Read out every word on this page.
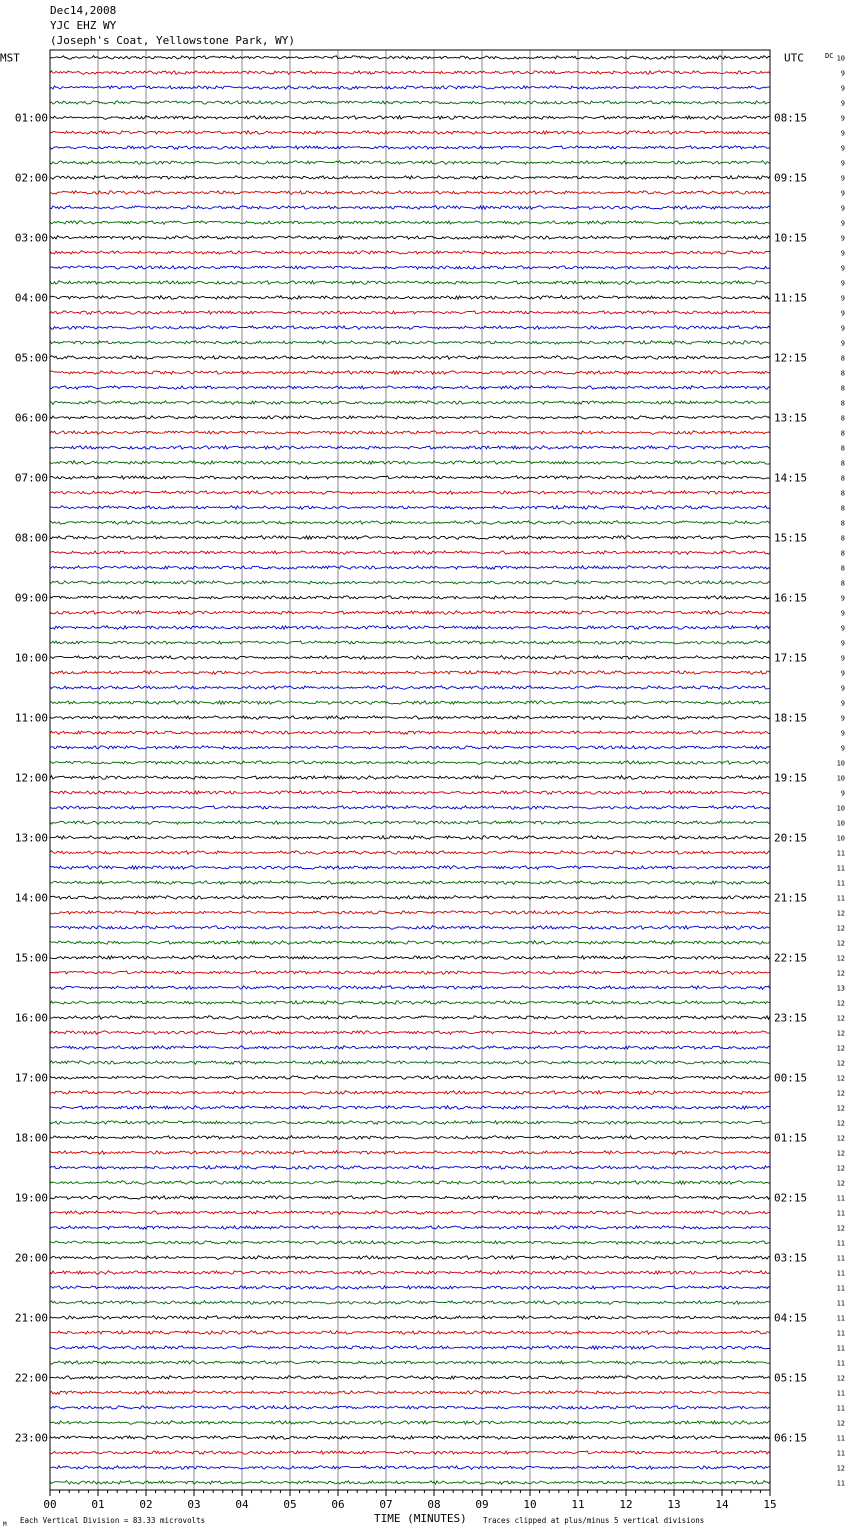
Dec14,2008
YJC EHZ WY
(Joseph's Coat, Yellowstone Park, WY)
MST	UTC	DC
01:00
02:00
03:00
04:00
05:00
06:00
07:00
08:00
09:00
10:00
11:00
12:00
13:00
14:00
15:00
16:00
17:00
18:00
19:00
20:00
21:00
22:00
23:00
08:15
09:15
10:15
11:15
12:15
13:15
14:15
15:15
16:15
17:15
18:15
19:15
20:15
21:15
22:15
23:15
00:15
01:15
02:15
03:15
04:15
05:15
06:15
10
9
9
9
9
9
9
9
9
9
9
9
9
9
9
9
9
9
9
9
8
8
8
8
8
8
8
8
8
8
8
8
8
8
8
8
9
9
9
9
9
9
9
9
9
9
9
10
10
9
10
10
10
11
11
11
11
12
12
12
12
12
13
12
12
12
12
12
12
12
12
12
12
12
12
12
11
11
12
11
11
11
11
11
11
11
11
11
12
11
11
12
11
11
12
11
00	01	02	03	04	05	06	07	08	09	10	11	12	13	14	15
M Each Vertical Division = 83.33 microvolts	TIME (MINUTES) Traces clipped at plus/minus 5 vertical divisions
